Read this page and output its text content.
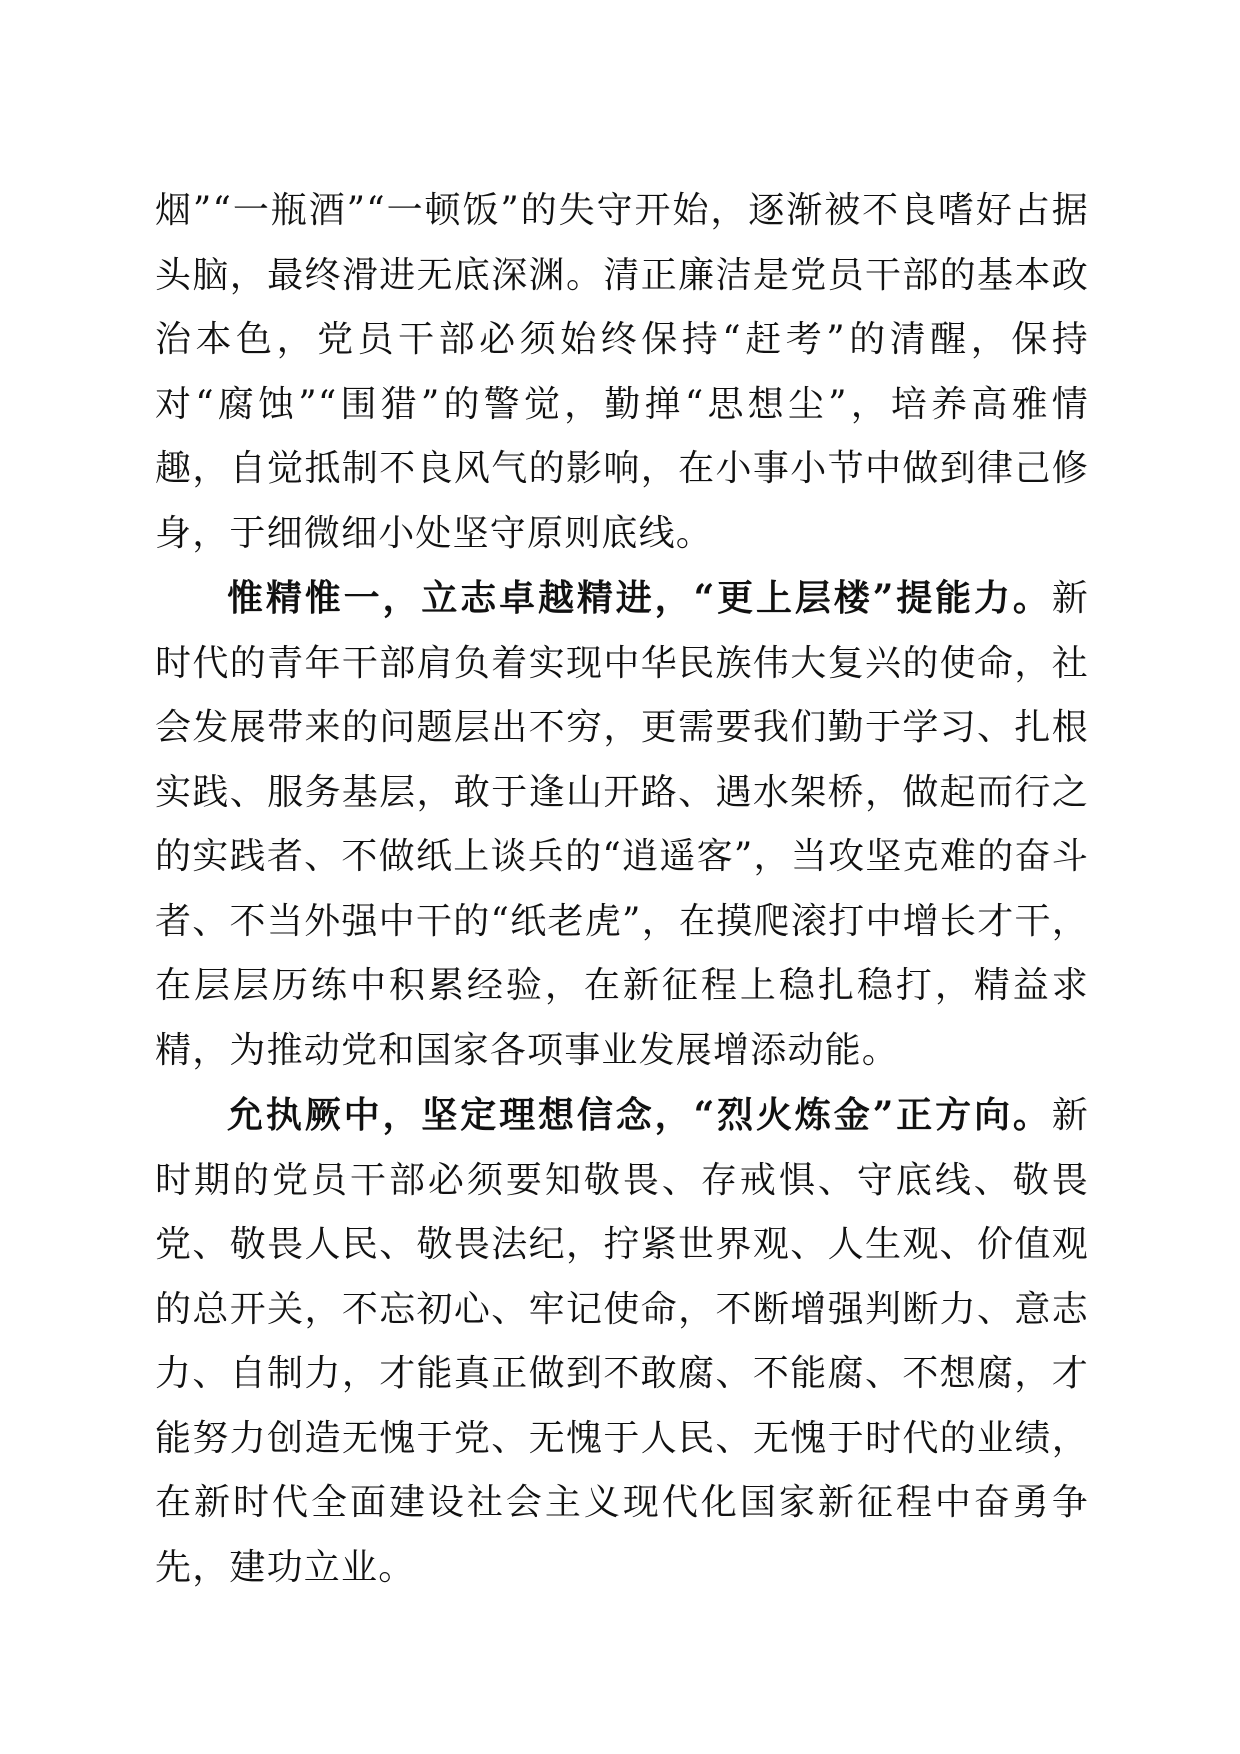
烟”“一瓶酒”“一顿饭”的失守开始，逐渐被不良嗜好占据头脑，最终滑进无底深渊。清正廉洁是党员干部的基本政治本色，党员干部必须始终保持“赶考”的清醒，保持对“腐蚀”“围猎”的警觉，勤掸“思想尘”，培养高雅情趣，自觉抵制不良风气的影响，在小事小节中做到律己修身，于细微细小处坚守原则底线。

惟精惟一，立志卓越精进，“更上层楼”提能力。新时代的青年干部肩负着实现中华民族伟大复兴的使命，社会发展带来的问题层出不穷，更需要我们勤于学习、扎根实践、服务基层，敢于逢山开路、遇水架桥，做起而行之的实践者、不做纸上谈兵的“逍遥客”，当攻坚克难的奋斗者、不当外强中干的“纸老虎”，在摸爬滚打中增长才干，在层层历练中积累经验，在新征程上稳扎稳打，精益求精，为推动党和国家各项事业发展增添动能。

允执厥中，坚定理想信念，“烈火炼金”正方向。新时期的党员干部必须要知敬畏、存戒惧、守底线、敬畏党、敬畏人民、敬畏法纪，拧紧世界观、人生观、价值观的总开关，不忘初心、牢记使命，不断增强判断力、意志力、自制力，才能真正做到不敢腐、不能腐、不想腐，才能努力创造无愧于党、无愧于人民、无愧于时代的业绩，在新时代全面建设社会主义现代化国家新征程中奋勇争先，建功立业。
